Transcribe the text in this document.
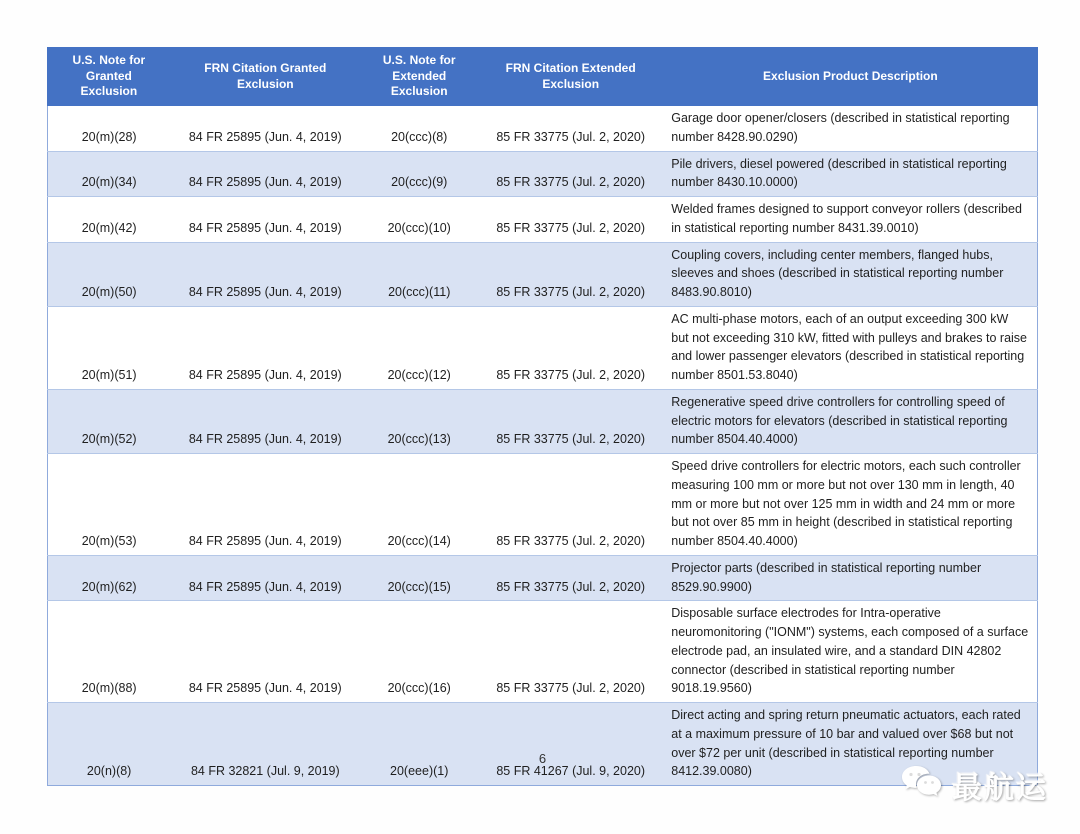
U.S. Note for Granted Exclusion	FRN Citation Granted Exclusion	U.S. Note for Extended Exclusion	FRN Citation Extended Exclusion	Exclusion Product Description
20(m)(28)	84 FR 25895 (Jun. 4, 2019)	20(ccc)(8)	85 FR 33775 (Jul. 2, 2020)	Garage door opener/closers (described in statistical reporting number 8428.90.0290)
20(m)(34)	84 FR 25895 (Jun. 4, 2019)	20(ccc)(9)	85 FR 33775 (Jul. 2, 2020)	Pile drivers, diesel powered (described in statistical reporting number 8430.10.0000)
20(m)(42)	84 FR 25895 (Jun. 4, 2019)	20(ccc)(10)	85 FR 33775 (Jul. 2, 2020)	Welded frames designed to support conveyor rollers (described in statistical reporting number 8431.39.0010)
20(m)(50)	84 FR 25895 (Jun. 4, 2019)	20(ccc)(11)	85 FR 33775 (Jul. 2, 2020)	Coupling covers, including center members, flanged hubs, sleeves and shoes (described in statistical reporting number 8483.90.8010)
20(m)(51)	84 FR 25895 (Jun. 4, 2019)	20(ccc)(12)	85 FR 33775 (Jul. 2, 2020)	AC multi-phase motors, each of an output exceeding 300 kW but not exceeding 310 kW, fitted with pulleys and brakes to raise and lower passenger elevators (described in statistical reporting number 8501.53.8040)
20(m)(52)	84 FR 25895 (Jun. 4, 2019)	20(ccc)(13)	85 FR 33775 (Jul. 2, 2020)	Regenerative speed drive controllers for controlling speed of electric motors for elevators (described in statistical reporting number 8504.40.4000)
20(m)(53)	84 FR 25895 (Jun. 4, 2019)	20(ccc)(14)	85 FR 33775 (Jul. 2, 2020)	Speed drive controllers for electric motors, each such controller measuring 100 mm or more but not over 130 mm in length, 40 mm or more but not over 125 mm in width and 24 mm or more but not over 85 mm in height (described in statistical reporting number 8504.40.4000)
20(m)(62)	84 FR 25895 (Jun. 4, 2019)	20(ccc)(15)	85 FR 33775 (Jul. 2, 2020)	Projector parts (described in statistical reporting number 8529.90.9900)
20(m)(88)	84 FR 25895 (Jun. 4, 2019)	20(ccc)(16)	85 FR 33775 (Jul. 2, 2020)	Disposable surface electrodes for Intra-operative neuromonitoring ("IONM") systems, each composed of a surface electrode pad, an insulated wire, and a standard DIN 42802 connector (described in statistical reporting number 9018.19.9560)
20(n)(8)	84 FR 32821 (Jul. 9, 2019)	20(eee)(1)	85 FR 41267 (Jul. 9, 2020)	Direct acting and spring return pneumatic actuators, each rated at a maximum pressure of 10 bar and valued over $68 but not over $72 per unit (described in statistical reporting number 8412.39.0080)
6
最航运
